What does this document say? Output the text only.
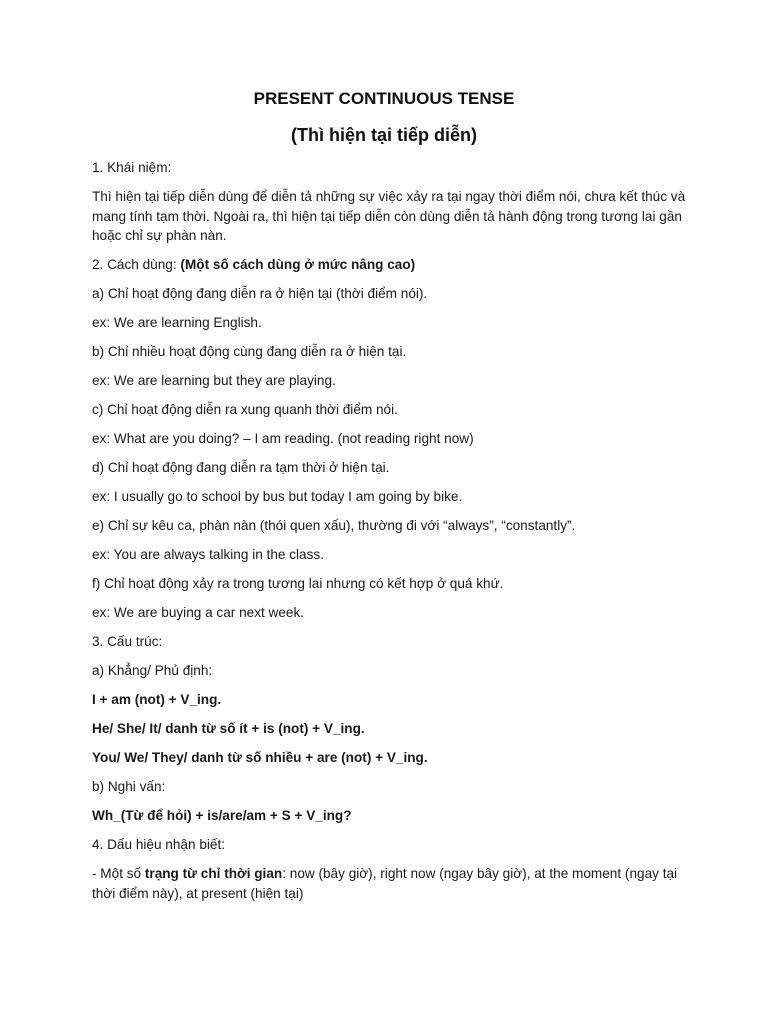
PRESENT CONTINUOUS TENSE
(Thì hiện tại tiếp diễn)

1. Khái niệm:

Thì hiện tại tiếp diễn dùng để diễn tả những sự việc xảy ra tại ngay thời điểm nói, chưa kết thúc và mang tính tạm thời. Ngoài ra, thì hiện tại tiếp diễn còn dùng diễn tả hành động trong tương lai gần hoặc chỉ sự phàn nàn.

2. Cách dùng: (Một số cách dùng ở mức nâng cao)

a) Chỉ hoạt động đang diễn ra ở hiện tại (thời điểm nói).

ex: We are learning English.

b) Chỉ nhiều hoạt động cùng đang diễn ra ở hiện tại.

ex: We are learning but they are playing.

c) Chỉ hoạt động diễn ra xung quanh thời điểm nói.

ex: What are you doing? – I am reading. (not reading right now)

d) Chỉ hoạt động đang diễn ra tạm thời ở hiện tại.

ex: I usually go to school by bus but today I am going by bike.

e) Chỉ sự kêu ca, phàn nàn (thói quen xấu), thường đi với “always”, “constantly”.

ex: You are always talking in the class.

f) Chỉ hoạt động xảy ra trong tương lai nhưng có kết hợp ở quá khứ.

ex: We are buying a car next week.

3. Cấu trúc:

a) Khẳng/ Phủ định:

I + am (not) + V_ing.

He/ She/ It/ danh từ số ít + is (not) + V_ing.

You/ We/ They/ danh từ số nhiều + are (not) + V_ing.

b) Nghi vấn:

Wh_(Từ để hỏi) + is/are/am + S + V_ing?

4. Dấu hiệu nhận biết:

- Một số trạng từ chỉ thời gian: now (bây giờ), right now (ngay bây giờ), at the moment (ngay tại thời điểm này), at present (hiện tại)
